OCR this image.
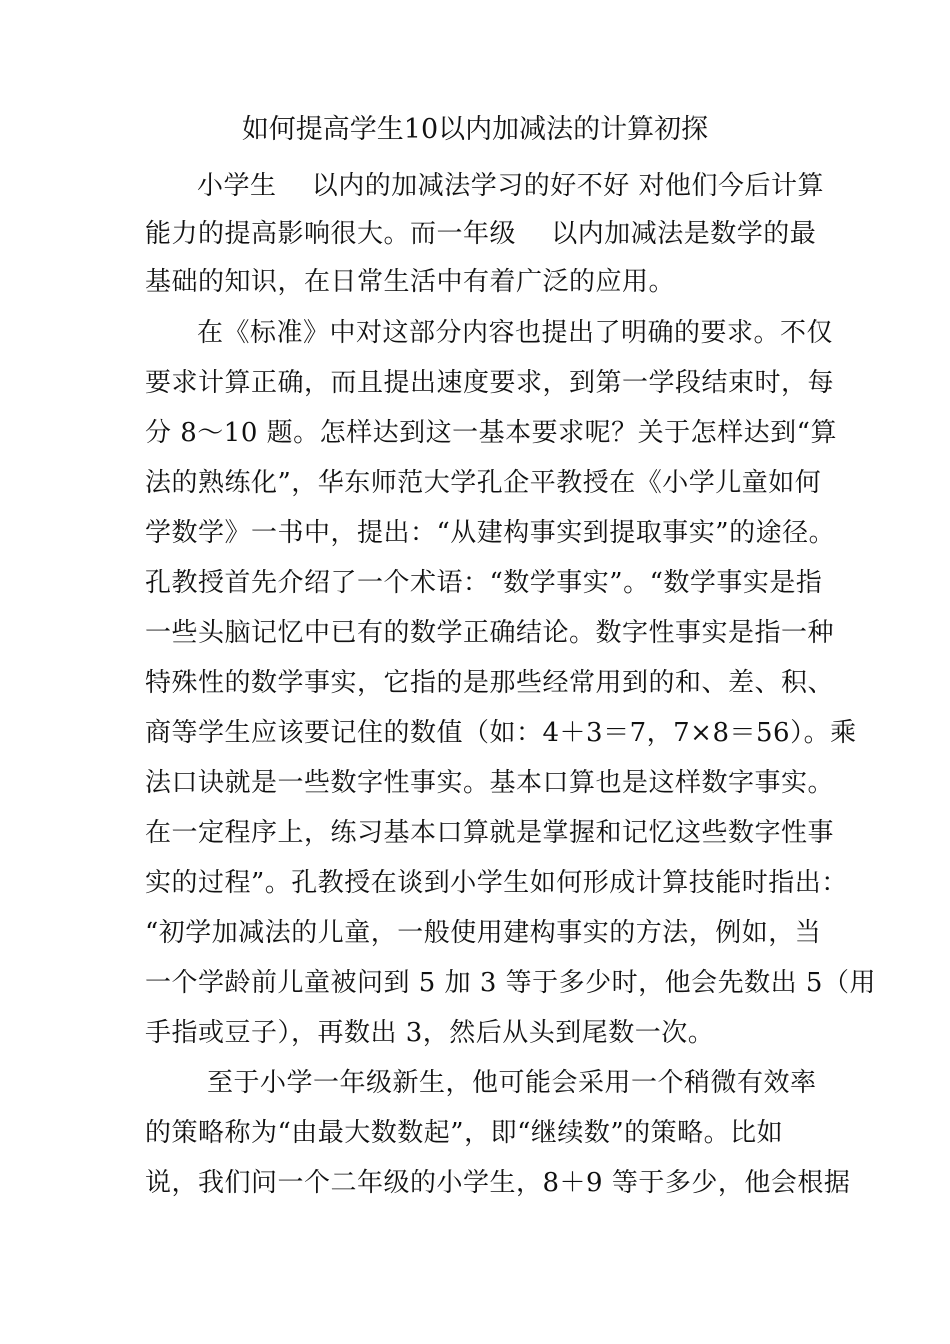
如何提高学生10以内加减法的计算初探
小学生　 以内的加减法学习的好不好 对他们今后计算
能力的提高影响很大。而一年级　 以内加减法是数学的最
基础的知识，在日常生活中有着广泛的应用。
在《标准》中对这部分内容也提出了明确的要求。不仅
要求计算正确，而且提出速度要求，到第一学段结束时，每
分 8～10 题。怎样达到这一基本要求呢？关于怎样达到“算
法的熟练化”，华东师范大学孔企平教授在《小学儿童如何
学数学》一书中，提出：“从建构事实到提取事实”的途径。
孔教授首先介绍了一个术语：“数学事实”。“数学事实是指
一些头脑记忆中已有的数学正确结论。数字性事实是指一种
特殊性的数学事实，它指的是那些经常用到的和、差、积、
商等学生应该要记住的数值（如：4＋3＝7，7×8＝56）。乘
法口诀就是一些数字性事实。基本口算也是这样数字事实。
在一定程序上，练习基本口算就是掌握和记忆这些数字性事
实的过程”。孔教授在谈到小学生如何形成计算技能时指出：
“初学加减法的儿童，一般使用建构事实的方法，例如，当
一个学龄前儿童被问到 5 加 3 等于多少时，他会先数出 5（用
手指或豆子），再数出 3，然后从头到尾数一次。
至于小学一年级新生，他可能会采用一个稍微有效率
的策略称为“由最大数数起”，即“继续数”的策略。比如
说，我们问一个二年级的小学生，8＋9 等于多少，他会根据
